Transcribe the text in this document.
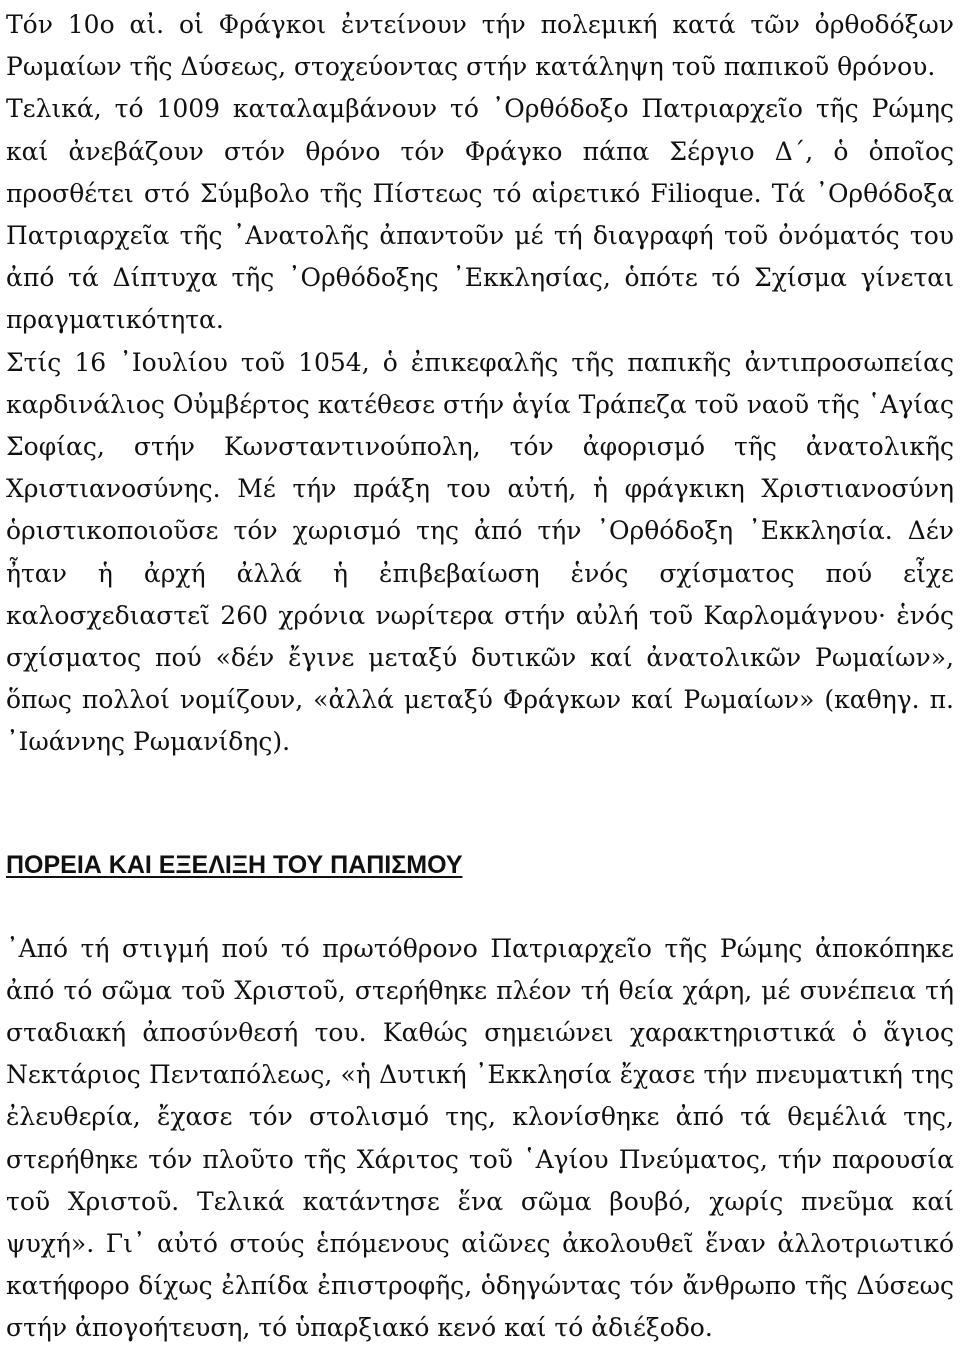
Τόν 10ο αἰ. οἱ Φράγκοι ἐντείνουν τήν πολεμική κατά τῶν ὀρθοδόξων Ρωμαίων τῆς Δύσεως, στοχεύοντας στήν κατάληψη τοῦ παπικοῦ θρόνου.

Τελικά, τό 1009 καταλαμβάνουν τό ᾿Ορθόδοξο Πατριαρχεῖο τῆς Ρώμης καί ἀνεβάζουν στόν θρόνο τόν Φράγκο πάπα Σέργιο Δ΄, ὁ ὁποῖος προσθέτει στό Σύμβολο τῆς Πίστεως τό αἱρετικό Filioque. Τά ᾿Ορθόδοξα Πατριαρχεῖα τῆς ᾿Ανατολῆς ἀπαντοῦν μέ τή διαγραφή τοῦ ὀνόματός του ἀπό τά Δίπτυχα τῆς ᾿Ορθόδοξης ᾿Εκκλησίας, ὁπότε τό Σχίσμα γίνεται πραγματικότητα.

Στίς 16 ᾿Ιουλίου τοῦ 1054, ὁ ἐπικεφαλῆς τῆς παπικῆς ἀντιπροσωπείας καρδινάλιος Οὐμβέρτος κατέθεσε στήν ἁγία Τράπεζα τοῦ ναοῦ τῆς ῾Αγίας Σοφίας, στήν Κωνσταντινούπολη, τόν ἀφορισμό τῆς ἀνατολικῆς Χριστιανοσύνης. Μέ τήν πράξη του αὐτή, ἡ φράγκικη Χριστιανοσύνη ὁριστικοποιοῦσε τόν χωρισμό της ἀπό τήν ᾿Ορθόδοξη ᾿Εκκλησία. Δέν ἦταν ἡ ἀρχή ἀλλά ἡ ἐπιβεβαίωση ἑνός σχίσματος πού εἶχε καλοσχεδιαστεῖ 260 χρόνια νωρίτερα στήν αὐλή τοῦ Καρλομάγνου· ἑνός σχίσματος πού «δέν ἔγινε μεταξύ δυτικῶν καί ἀνατολικῶν Ρωμαίων», ὅπως πολλοί νομίζουν, «ἀλλά μεταξύ Φράγκων καί Ρωμαίων» (καθηγ. π. ᾿Ιωάννης Ρωμανίδης).

ΠΟΡΕΙΑ ΚΑΙ ΕΞΕΛΙΞΗ ΤΟΥ ΠΑΠΙΣΜΟΥ

᾿Από τή στιγμή πού τό πρωτόθρονο Πατριαρχεῖο τῆς Ρώμης ἀποκόπηκε ἀπό τό σῶμα τοῦ Χριστοῦ, στερήθηκε πλέον τή θεία χάρη, μέ συνέπεια τή σταδιακή ἀποσύνθεσή του. Καθώς σημειώνει χαρακτηριστικά ὁ ἅγιος Νεκτάριος Πενταπόλεως, «ἡ Δυτική ᾿Εκκλησία ἔχασε τήν πνευματική της ἐλευθερία, ἔχασε τόν στολισμό της, κλονίσθηκε ἀπό τά θεμέλιά της, στερήθηκε τόν πλοῦτο τῆς Χάριτος τοῦ ῾Αγίου Πνεύματος, τήν παρουσία τοῦ Χριστοῦ. Τελικά κατάντησε ἕνα σῶμα βουβό, χωρίς πνεῦμα καί ψυχή». Γι᾿ αὐτό στούς ἑπόμενους αἰῶνες ἀκολουθεῖ ἕναν ἀλλοτριωτικό κατήφορο δίχως ἐλπίδα ἐπιστροφῆς, ὁδηγώντας τόν ἄνθρωπο τῆς Δύσεως στήν ἀπογοήτευση, τό ὑπαρξιακό κενό καί τό ἀδιέξοδο.
